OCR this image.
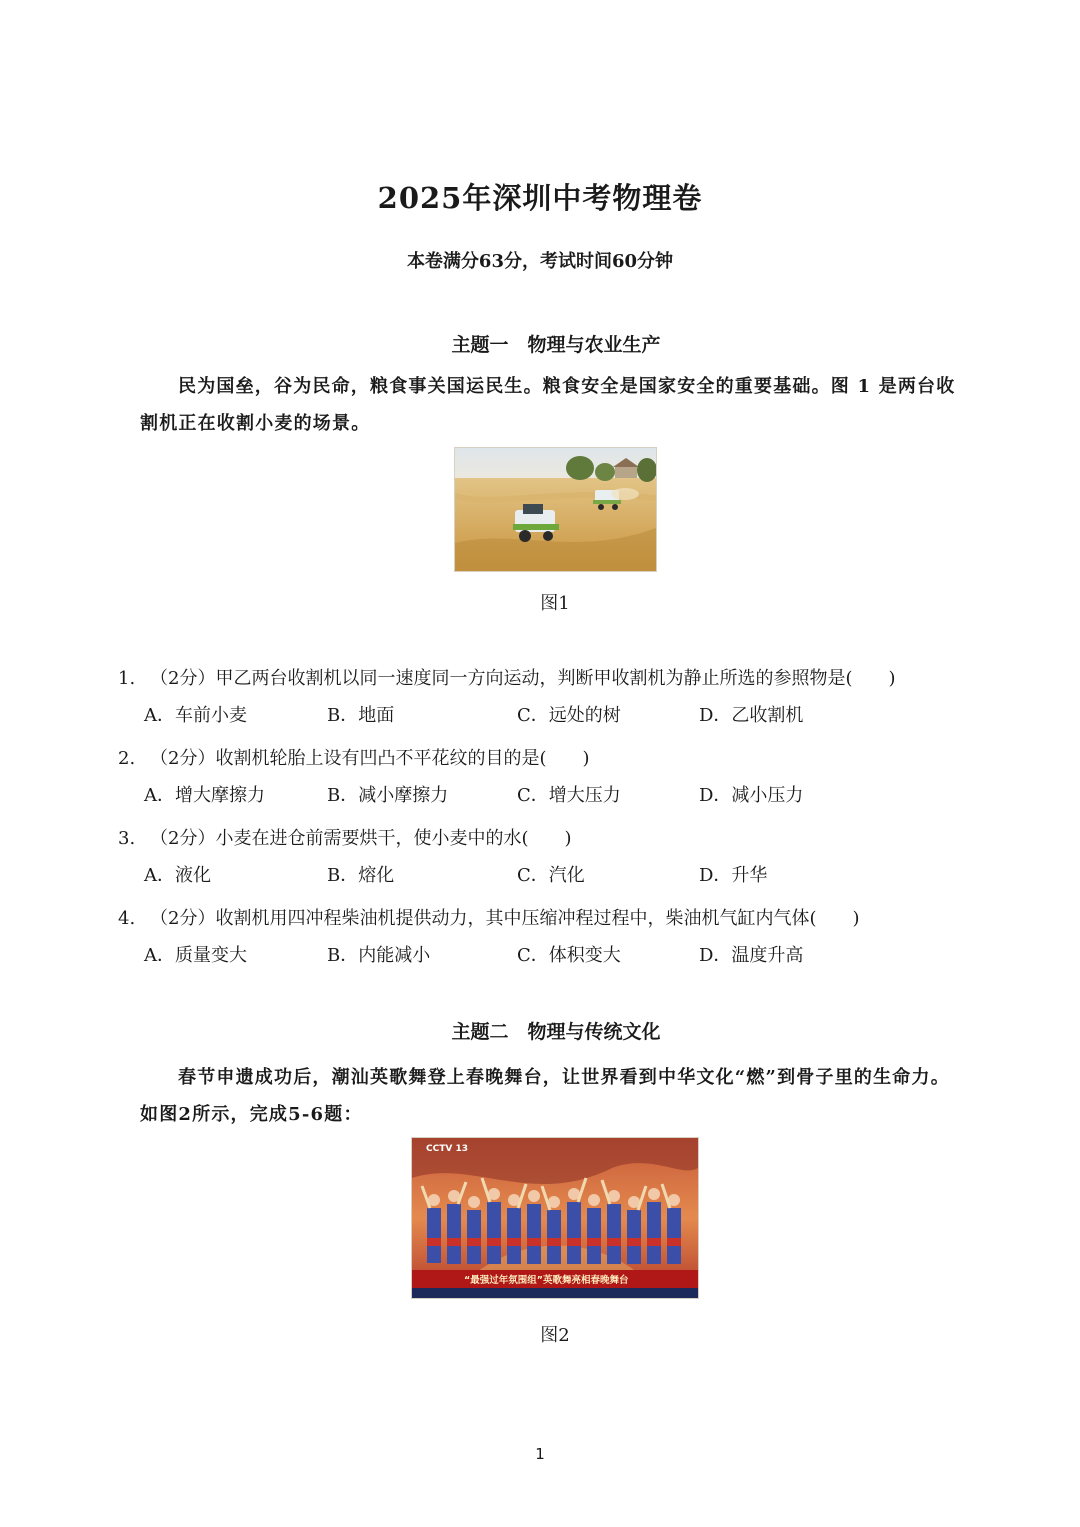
2025年深圳中考物理卷
本卷满分63分，考试时间60分钟
主题一　物理与农业生产
民为国垒，谷为民命，粮食事关国运民生。粮食安全是国家安全的重要基础。图 1 是两台收
割机正在收割小麦的场景。
图1
1. （2分）甲乙两台收割机以同一速度同一方向运动，判断甲收割机为静止所选的参照物是(　　)
A．车前小麦	B．地面	C．远处的树	D．乙收割机
2. （2分）收割机轮胎上设有凹凸不平花纹的目的是(　　)
A．增大摩擦力	B．减小摩擦力	C．增大压力	D．减小压力
3. （2分）小麦在进仓前需要烘干，使小麦中的水(　　)
A．液化	B．熔化	C．汽化	D．升华
4. （2分）收割机用四冲程柴油机提供动力，其中压缩冲程过程中，柴油机气缸内气体(　　)
A．质量变大	B．内能减小	C．体积变大	D．温度升高
主题二　物理与传统文化
春节申遗成功后，潮汕英歌舞登上春晚舞台，让世界看到中华文化“燃”到骨子里的生命力。
如图2所示，完成5-6题：
CCTV 13
“最强过年氛围组”英歌舞亮相春晚舞台
图2
1
